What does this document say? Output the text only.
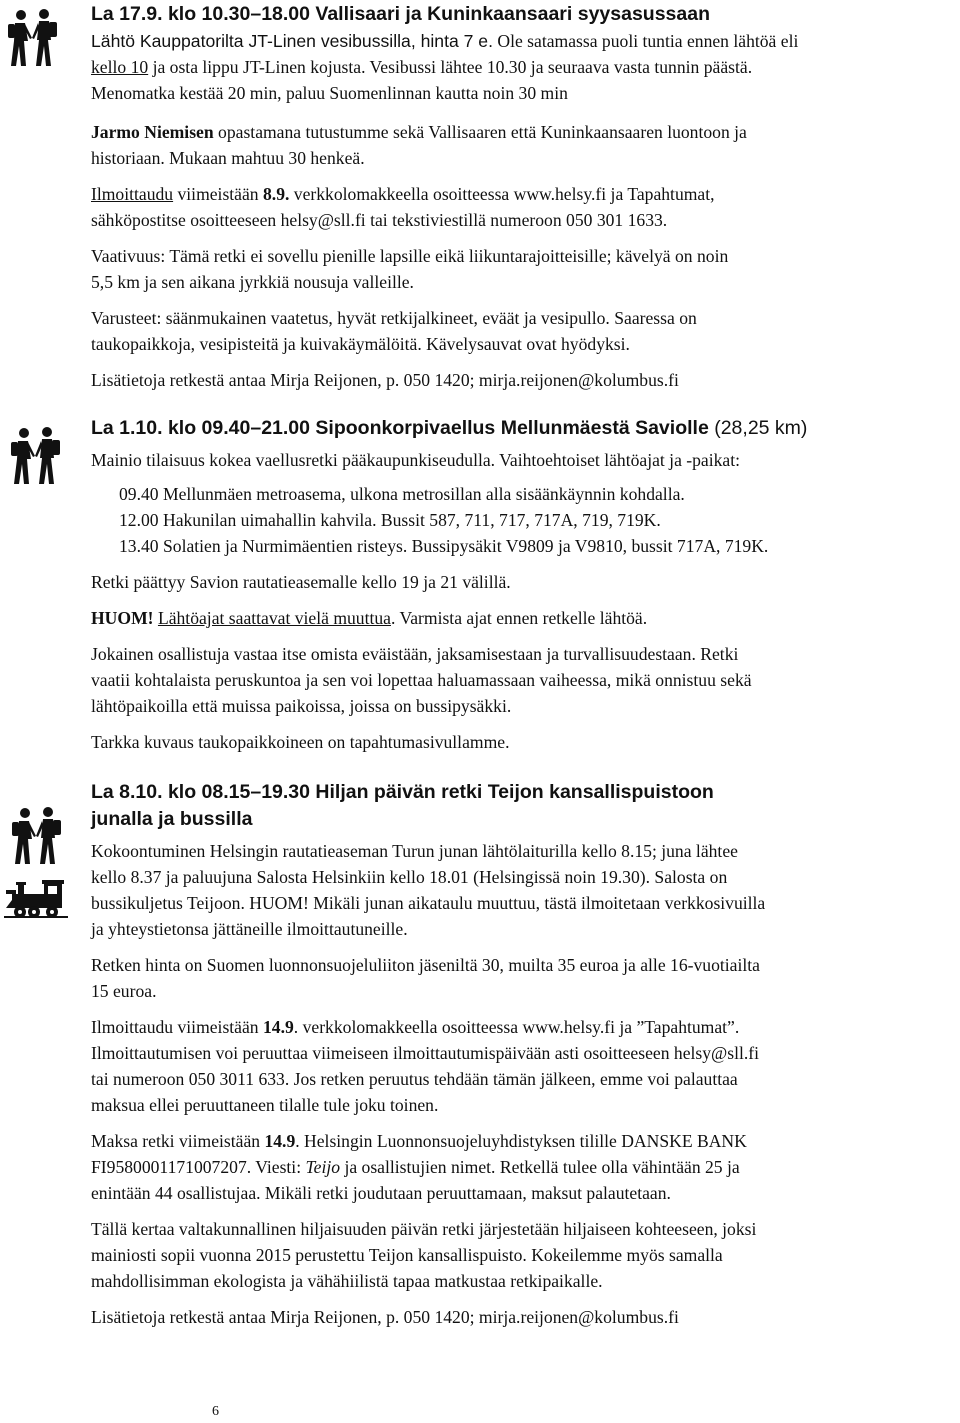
La 17.9. klo 10.30–18.00 Vallisaari ja Kuninkaansaari syysasussaan

Lähtö Kauppatorilta JT-Linen vesibussilla, hinta 7 e. Ole satamassa puoli tuntia ennen lähtöä eli

kello 10 ja osta lippu JT-Linen kojusta. Vesibussi lähtee 10.30 ja seuraava vasta tunnin päästä.

Menomatka kestää 20 min, paluu Suomenlinnan kautta noin 30 min

Jarmo Niemisen opastamana tutustumme sekä Vallisaaren että Kuninkaansaaren luontoon ja

historiaan. Mukaan mahtuu 30 henkeä.

Ilmoittaudu viimeistään 8.9. verkkolomakkeella osoitteessa www.helsy.fi ja Tapahtumat,

sähköpostitse osoitteeseen helsy@sll.fi tai tekstiviestillä numeroon 050 301 1633.

Vaativuus: Tämä retki ei sovellu pienille lapsille eikä liikuntarajoitteisille; kävelyä on noin

5,5 km ja sen aikana jyrkkiä nousuja valleille.

Varusteet: säänmukainen vaatetus, hyvät retkijalkineet, eväät ja vesipullo. Saaressa on

taukopaikkoja, vesipisteitä ja kuivakäymälöitä. Kävelysauvat ovat hyödyksi.

Lisätietoja retkestä antaa Mirja Reijonen, p. 050 1420; mirja.reijonen@kolumbus.fi

La 1.10. klo 09.40–21.00 Sipoonkorpivaellus Mellunmäestä Saviolle (28,25 km)

Mainio tilaisuus kokea vaellusretki pääkaupunkiseudulla. Vaihtoehtoiset lähtöajat ja -paikat:

09.40 Mellunmäen metroasema, ulkona metrosillan alla sisäänkäynnin kohdalla.

12.00 Hakunilan uimahallin kahvila. Bussit 587, 711, 717, 717A, 719, 719K.

13.40 Solatien ja Nurmimäentien risteys. Bussipysäkit V9809 ja V9810, bussit 717A, 719K.

Retki päättyy Savion rautatieasemalle kello 19 ja 21 välillä.

HUOM! Lähtöajat saattavat vielä muuttua. Varmista ajat ennen retkelle lähtöä.

Jokainen osallistuja vastaa itse omista eväistään, jaksamisestaan ja turvallisuudestaan. Retki

vaatii kohtalaista peruskuntoa ja sen voi lopettaa haluamassaan vaiheessa, mikä onnistuu sekä

lähtöpaikoilla että muissa paikoissa, joissa on bussipysäkki.

Tarkka kuvaus taukopaikkoineen on tapahtumasivullamme.

La 8.10. klo 08.15–19.30 Hiljan päivän retki Teijon kansallispuistoon

junalla ja bussilla

Kokoontuminen Helsingin rautatieaseman Turun junan lähtölaiturilla kello 8.15; juna lähtee

kello 8.37 ja paluujuna Salosta Helsinkiin kello 18.01 (Helsingissä noin 19.30). Salosta on

bussikuljetus Teijoon. HUOM! Mikäli junan aikataulu muuttuu, tästä ilmoitetaan verkkosivuilla

ja yhteystietonsa jättäneille ilmoittautuneille.

Retken hinta on Suomen luonnonsuojeluliiton jäseniltä 30, muilta 35 euroa ja alle 16-vuotiailta

15 euroa.

Ilmoittaudu viimeistään 14.9. verkkolomakkeella osoitteessa www.helsy.fi ja ”Tapahtumat”.

Ilmoittautumisen voi peruuttaa viimeiseen ilmoittautumispäivään asti osoitteeseen helsy@sll.fi

tai numeroon 050 3011 633. Jos retken peruutus tehdään tämän jälkeen, emme voi palauttaa

maksua ellei peruuttaneen tilalle tule joku toinen.

Maksa retki viimeistään 14.9. Helsingin Luonnonsuojeluyhdistyksen tilille DANSKE BANK

FI9580001171007207. Viesti: Teijo ja osallistujien nimet. Retkellä tulee olla vähintään 25 ja

enintään 44 osallistujaa. Mikäli retki joudutaan peruuttamaan, maksut palautetaan.

Tällä kertaa valtakunnallinen hiljaisuuden päivän retki järjestetään hiljaiseen kohteeseen, joksi

mainiosti sopii vuonna 2015 perustettu Teijon kansallispuisto. Kokeilemme myös samalla

mahdollisimman ekologista ja vähähiilistä tapaa matkustaa retkipaikalle.

Lisätietoja retkestä antaa Mirja Reijonen, p. 050 1420; mirja.reijonen@kolumbus.fi

6
